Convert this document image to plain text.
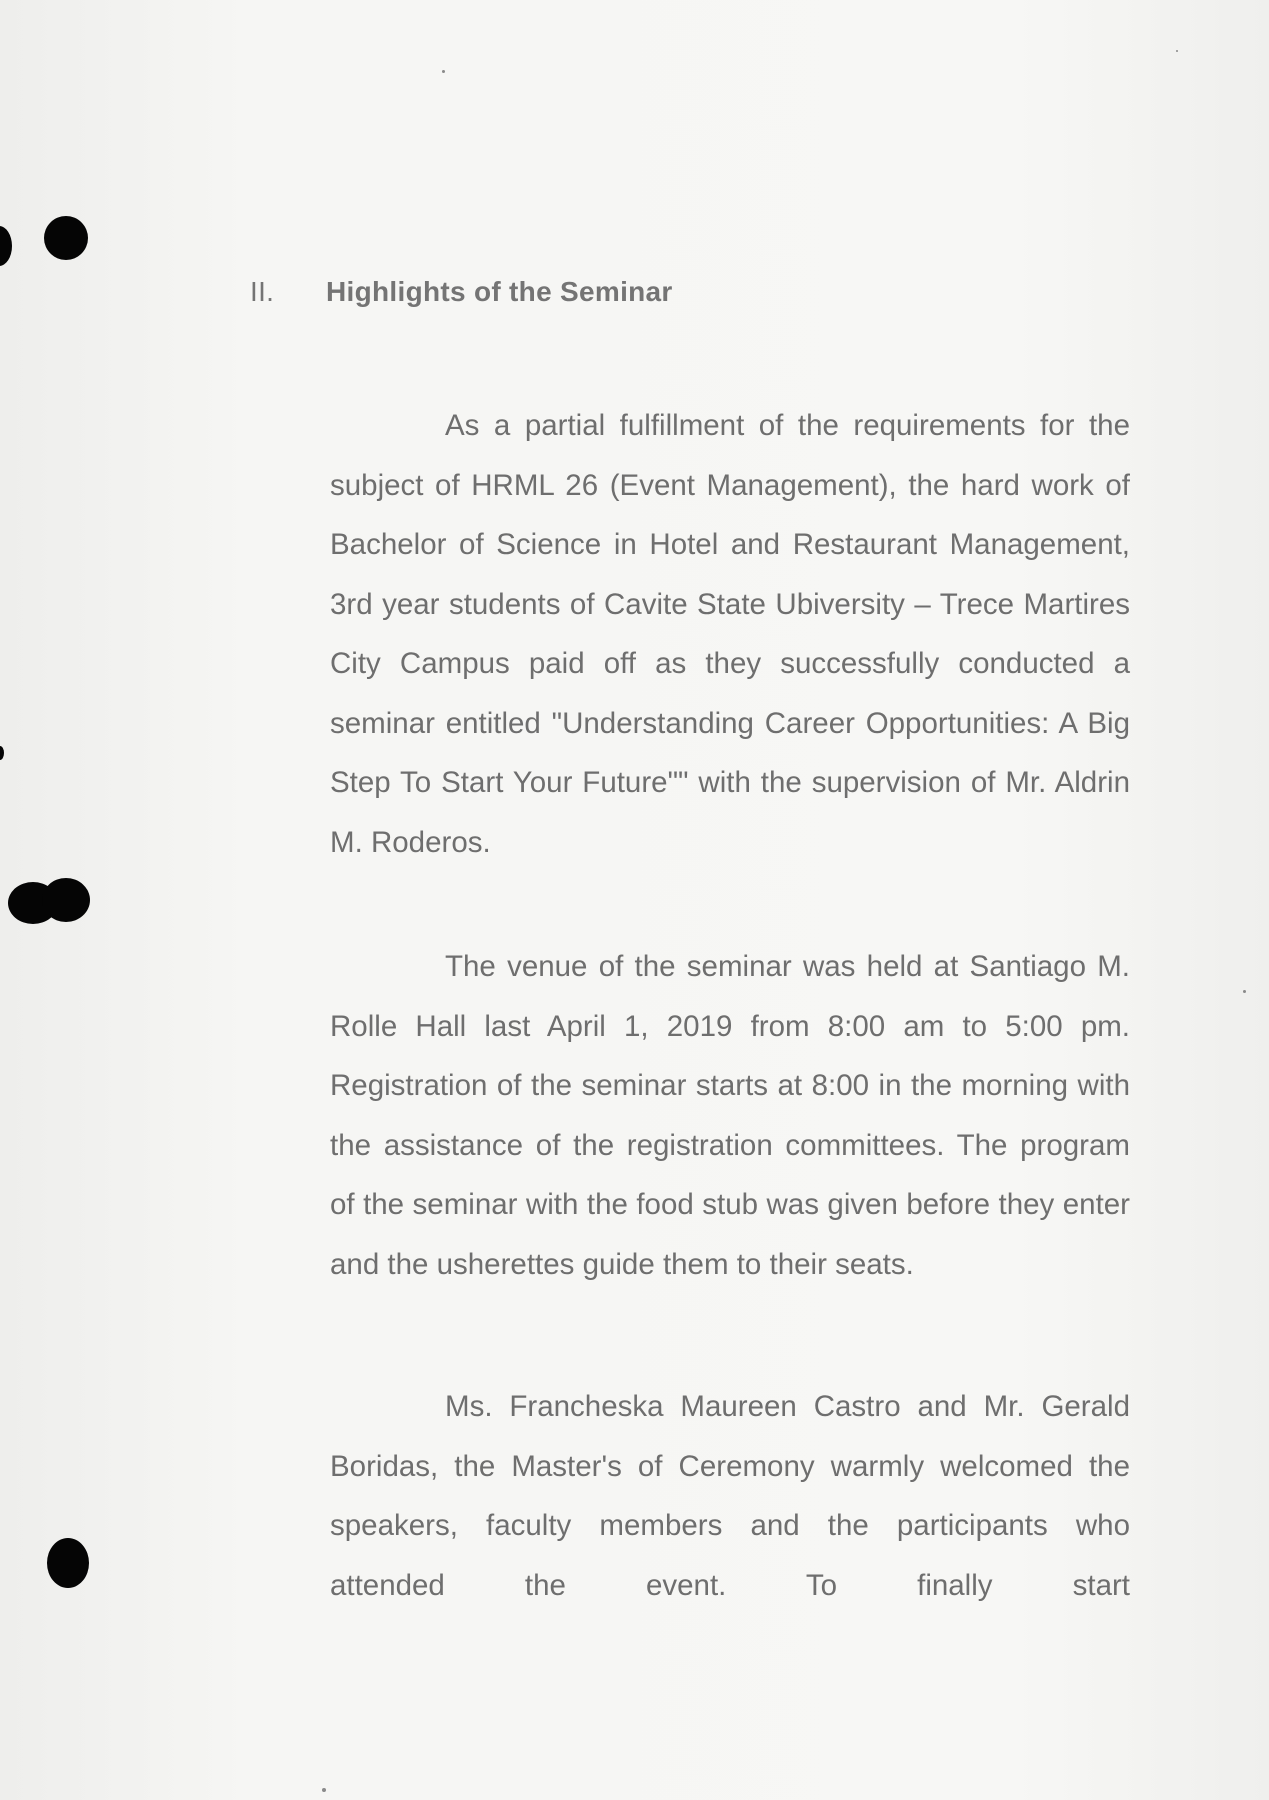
II. Highlights of the Seminar

As a partial fulfillment of the requirements for the subject of HRML 26 (Event Management), the hard work of Bachelor of Science in Hotel and Restaurant Management, 3rd year students of Cavite State Ubiversity – Trece Martires City Campus paid off as they successfully conducted a seminar entitled "Understanding Career Opportunities: A Big Step To Start Your Future"" with the supervision of Mr. Aldrin M. Roderos.

The venue of the seminar was held at Santiago M. Rolle Hall last April 1, 2019 from 8:00 am to 5:00 pm. Registration of the seminar starts at 8:00 in the morning with the assistance of the registration committees. The program of the seminar with the food stub was given before they enter and the usherettes guide them to their seats.

Ms. Francheska Maureen Castro and Mr. Gerald Boridas, the Master's of Ceremony warmly welcomed the speakers, faculty members and the participants who attended the event. To finally start
